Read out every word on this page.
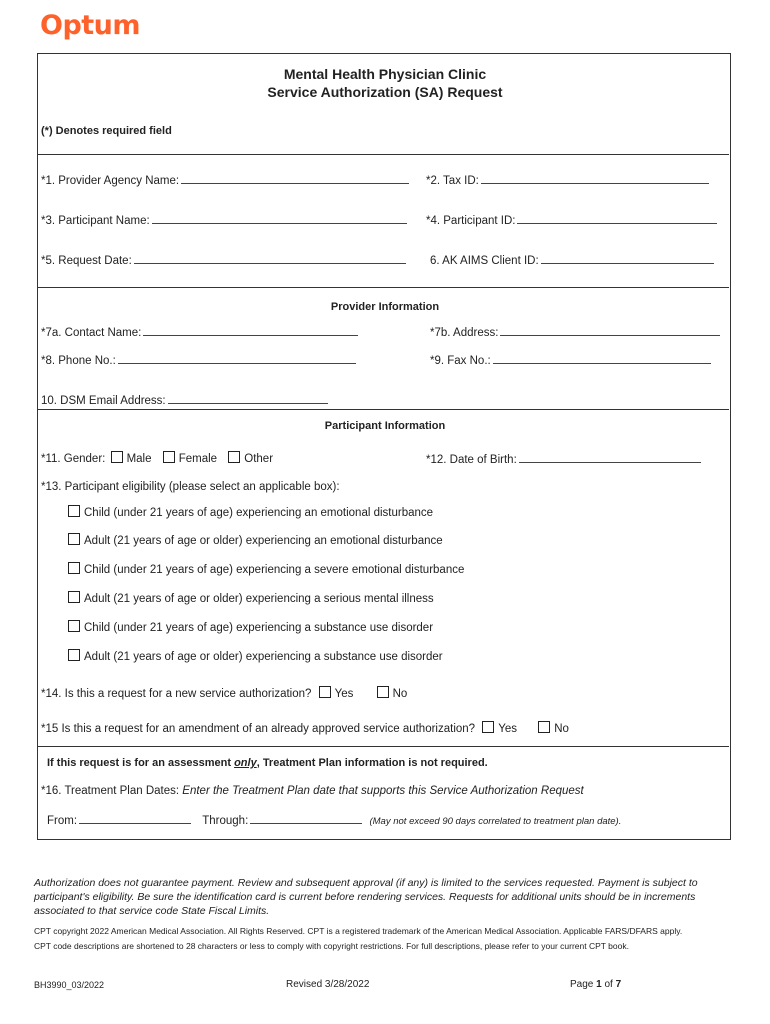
Optum
Mental Health Physician Clinic
Service Authorization (SA) Request
(*) Denotes required field
*1. Provider Agency Name:	*2. Tax ID:
*3. Participant Name:	*4. Participant ID:
*5. Request Date:	6. AK AIMS Client ID:
Provider Information
*7a. Contact Name:	*7b. Address:
*8. Phone No.:	*9. Fax No.:
10. DSM Email Address:
Participant Information
*11. Gender: Male Female Other	*12. Date of Birth:
*13. Participant eligibility (please select an applicable box):
Child (under 21 years of age) experiencing an emotional disturbance
Adult (21 years of age or older) experiencing an emotional disturbance
Child (under 21 years of age) experiencing a severe emotional disturbance
Adult (21 years of age or older) experiencing a serious mental illness
Child (under 21 years of age) experiencing a substance use disorder
Adult (21 years of age or older) experiencing a substance use disorder
*14. Is this a request for a new service authorization? Yes	No
*15 Is this a request for an amendment of an already approved service authorization? Yes	No
If this request is for an assessment only, Treatment Plan information is not required.
*16. Treatment Plan Dates: Enter the Treatment Plan date that supports this Service Authorization Request
From:	Through:	(May not exceed 90 days correlated to treatment plan date).
Authorization does not guarantee payment. Review and subsequent approval (if any) is limited to the services requested. Payment is subject to participant's eligibility. Be sure the identification card is current before rendering services. Requests for additional units should be in increments associated to that service code State Fiscal Limits.
CPT copyright 2022 American Medical Association. All Rights Reserved. CPT is a registered trademark of the American Medical Association. Applicable FARS/DFARS apply.
CPT code descriptions are shortened to 28 characters or less to comply with copyright restrictions. For full descriptions, please refer to your current CPT book.
BH3990_03/2022	Revised 3/28/2022	Page 1 of 7
